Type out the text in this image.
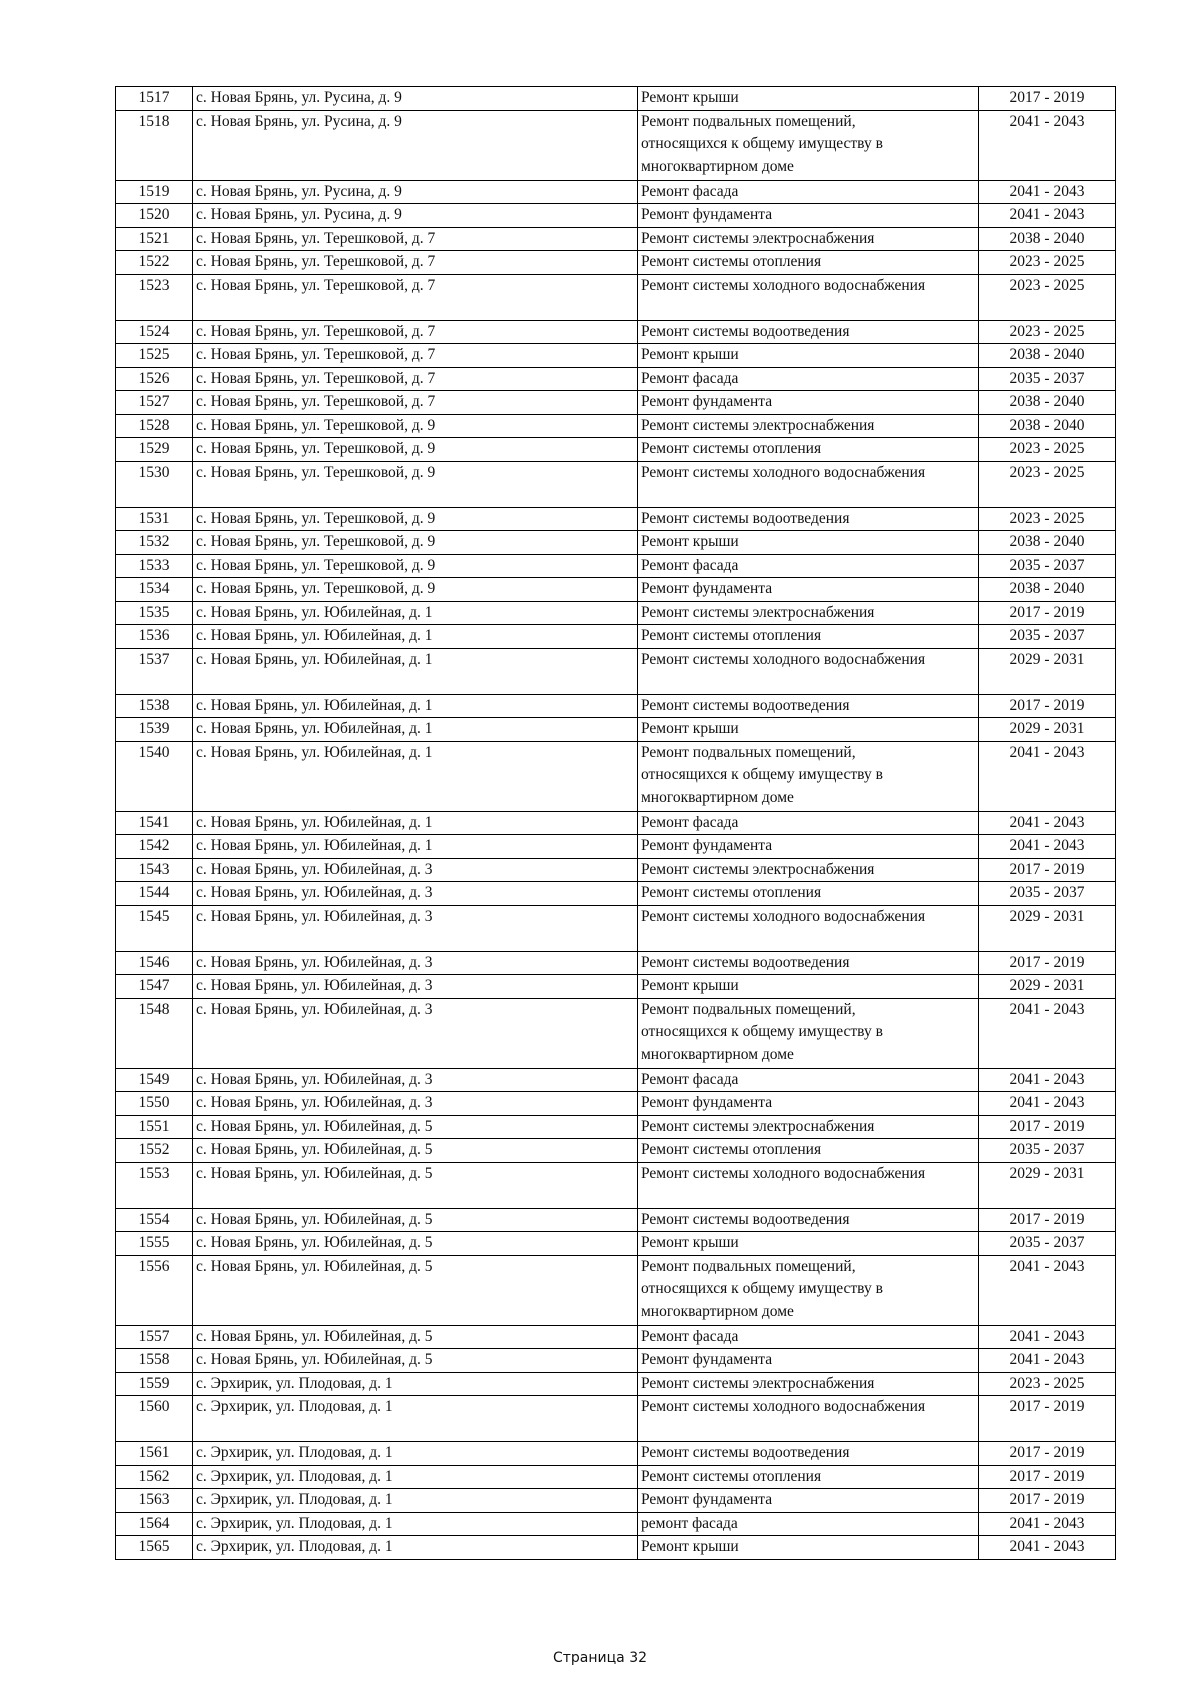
1517	с. Новая Брянь, ул. Русина, д. 9	Ремонт крыши	2017 - 2019
1518	с. Новая Брянь, ул. Русина, д. 9	Ремонт подвальных помещений,
относящихся к общему имуществу в
многоквартирном доме	2041 - 2043
1519	с. Новая Брянь, ул. Русина, д. 9	Ремонт фасада	2041 - 2043
1520	с. Новая Брянь, ул. Русина, д. 9	Ремонт фундамента	2041 - 2043
1521	с. Новая Брянь, ул. Терешковой, д. 7	Ремонт системы электроснабжения	2038 - 2040
1522	с. Новая Брянь, ул. Терешковой, д. 7	Ремонт системы отопления	2023 - 2025
1523	с. Новая Брянь, ул. Терешковой, д. 7	Ремонт системы холодного водоснабжения	2023 - 2025
1524	с. Новая Брянь, ул. Терешковой, д. 7	Ремонт системы водоотведения	2023 - 2025
1525	с. Новая Брянь, ул. Терешковой, д. 7	Ремонт крыши	2038 - 2040
1526	с. Новая Брянь, ул. Терешковой, д. 7	Ремонт фасада	2035 - 2037
1527	с. Новая Брянь, ул. Терешковой, д. 7	Ремонт фундамента	2038 - 2040
1528	с. Новая Брянь, ул. Терешковой, д. 9	Ремонт системы электроснабжения	2038 - 2040
1529	с. Новая Брянь, ул. Терешковой, д. 9	Ремонт системы отопления	2023 - 2025
1530	с. Новая Брянь, ул. Терешковой, д. 9	Ремонт системы холодного водоснабжения	2023 - 2025
1531	с. Новая Брянь, ул. Терешковой, д. 9	Ремонт системы водоотведения	2023 - 2025
1532	с. Новая Брянь, ул. Терешковой, д. 9	Ремонт крыши	2038 - 2040
1533	с. Новая Брянь, ул. Терешковой, д. 9	Ремонт фасада	2035 - 2037
1534	с. Новая Брянь, ул. Терешковой, д. 9	Ремонт фундамента	2038 - 2040
1535	с. Новая Брянь, ул. Юбилейная, д. 1	Ремонт системы электроснабжения	2017 - 2019
1536	с. Новая Брянь, ул. Юбилейная, д. 1	Ремонт системы отопления	2035 - 2037
1537	с. Новая Брянь, ул. Юбилейная, д. 1	Ремонт системы холодного водоснабжения	2029 - 2031
1538	с. Новая Брянь, ул. Юбилейная, д. 1	Ремонт системы водоотведения	2017 - 2019
1539	с. Новая Брянь, ул. Юбилейная, д. 1	Ремонт крыши	2029 - 2031
1540	с. Новая Брянь, ул. Юбилейная, д. 1	Ремонт подвальных помещений,
относящихся к общему имуществу в
многоквартирном доме	2041 - 2043
1541	с. Новая Брянь, ул. Юбилейная, д. 1	Ремонт фасада	2041 - 2043
1542	с. Новая Брянь, ул. Юбилейная, д. 1	Ремонт фундамента	2041 - 2043
1543	с. Новая Брянь, ул. Юбилейная, д. 3	Ремонт системы электроснабжения	2017 - 2019
1544	с. Новая Брянь, ул. Юбилейная, д. 3	Ремонт системы отопления	2035 - 2037
1545	с. Новая Брянь, ул. Юбилейная, д. 3	Ремонт системы холодного водоснабжения	2029 - 2031
1546	с. Новая Брянь, ул. Юбилейная, д. 3	Ремонт системы водоотведения	2017 - 2019
1547	с. Новая Брянь, ул. Юбилейная, д. 3	Ремонт крыши	2029 - 2031
1548	с. Новая Брянь, ул. Юбилейная, д. 3	Ремонт подвальных помещений,
относящихся к общему имуществу в
многоквартирном доме	2041 - 2043
1549	с. Новая Брянь, ул. Юбилейная, д. 3	Ремонт фасада	2041 - 2043
1550	с. Новая Брянь, ул. Юбилейная, д. 3	Ремонт фундамента	2041 - 2043
1551	с. Новая Брянь, ул. Юбилейная, д. 5	Ремонт системы электроснабжения	2017 - 2019
1552	с. Новая Брянь, ул. Юбилейная, д. 5	Ремонт системы отопления	2035 - 2037
1553	с. Новая Брянь, ул. Юбилейная, д. 5	Ремонт системы холодного водоснабжения	2029 - 2031
1554	с. Новая Брянь, ул. Юбилейная, д. 5	Ремонт системы водоотведения	2017 - 2019
1555	с. Новая Брянь, ул. Юбилейная, д. 5	Ремонт крыши	2035 - 2037
1556	с. Новая Брянь, ул. Юбилейная, д. 5	Ремонт подвальных помещений,
относящихся к общему имуществу в
многоквартирном доме	2041 - 2043
1557	с. Новая Брянь, ул. Юбилейная, д. 5	Ремонт фасада	2041 - 2043
1558	с. Новая Брянь, ул. Юбилейная, д. 5	Ремонт фундамента	2041 - 2043
1559	с. Эрхирик, ул. Плодовая, д. 1	Ремонт системы электроснабжения	2023 - 2025
1560	с. Эрхирик, ул. Плодовая, д. 1	Ремонт системы холодного водоснабжения	2017 - 2019
1561	с. Эрхирик, ул. Плодовая, д. 1	Ремонт системы водоотведения	2017 - 2019
1562	с. Эрхирик, ул. Плодовая, д. 1	Ремонт системы отопления	2017 - 2019
1563	с. Эрхирик, ул. Плодовая, д. 1	Ремонт фундамента	2017 - 2019
1564	с. Эрхирик, ул. Плодовая, д. 1	ремонт фасада	2041 - 2043
1565	с. Эрхирик, ул. Плодовая, д. 1	Ремонт крыши	2041 - 2043
Страница 32
